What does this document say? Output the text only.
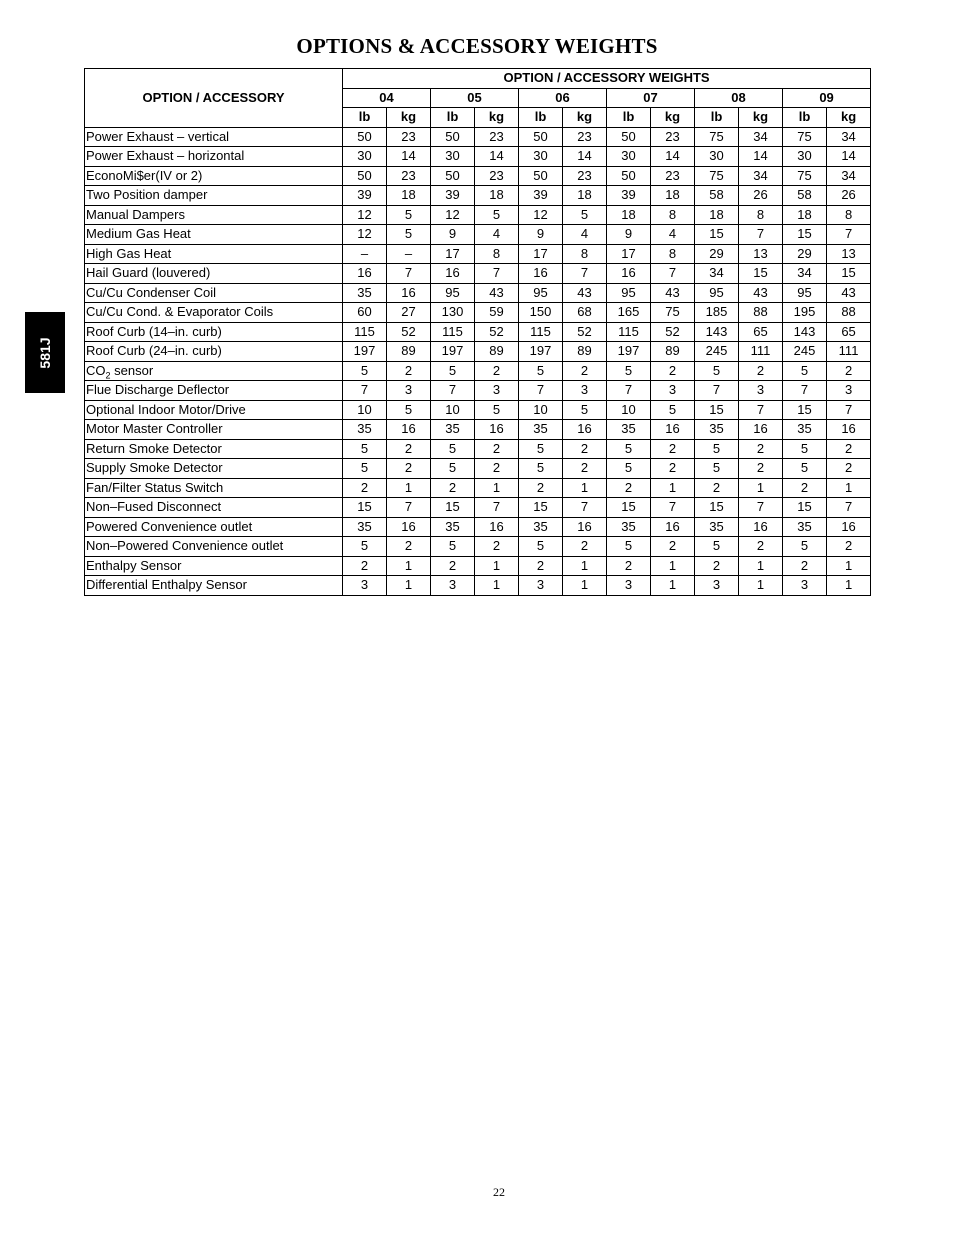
OPTIONS & ACCESSORY WEIGHTS
581J
OPTION / ACCESSORY	OPTION / ACCESSORY WEIGHTS											
	04		05		06		07		08		09	
	lb	kg	lb	kg	lb	kg	lb	kg	lb	kg	lb	kg
Power Exhaust – vertical	50	23	50	23	50	23	50	23	75	34	75	34
Power Exhaust – horizontal	30	14	30	14	30	14	30	14	30	14	30	14
EconoMi$er(IV or 2)	50	23	50	23	50	23	50	23	75	34	75	34
Two Position damper	39	18	39	18	39	18	39	18	58	26	58	26
Manual Dampers	12	5	12	5	12	5	18	8	18	8	18	8
Medium Gas Heat	12	5	9	4	9	4	9	4	15	7	15	7
High Gas Heat	–	–	17	8	17	8	17	8	29	13	29	13
Hail Guard (louvered)	16	7	16	7	16	7	16	7	34	15	34	15
Cu/Cu Condenser Coil	35	16	95	43	95	43	95	43	95	43	95	43
Cu/Cu Cond. & Evaporator Coils	60	27	130	59	150	68	165	75	185	88	195	88
Roof Curb (14–in. curb)	115	52	115	52	115	52	115	52	143	65	143	65
Roof Curb (24–in. curb)	197	89	197	89	197	89	197	89	245	111	245	111
$CO_2$ sensor	5	2	5	2	5	2	5	2	5	2	5	2
Flue Discharge Deflector	7	3	7	3	7	3	7	3	7	3	7	3
Optional Indoor Motor/Drive	10	5	10	5	10	5	10	5	15	7	15	7
Motor Master Controller	35	16	35	16	35	16	35	16	35	16	35	16
Return Smoke Detector	5	2	5	2	5	2	5	2	5	2	5	2
Supply Smoke Detector	5	2	5	2	5	2	5	2	5	2	5	2
Fan/Filter Status Switch	2	1	2	1	2	1	2	1	2	1	2	1
Non–Fused Disconnect	15	7	15	7	15	7	15	7	15	7	15	7
Powered Convenience outlet	35	16	35	16	35	16	35	16	35	16	35	16
Non–Powered Convenience outlet	5	2	5	2	5	2	5	2	5	2	5	2
Enthalpy Sensor	2	1	2	1	2	1	2	1	2	1	2	1
Differential Enthalpy Sensor	3	1	3	1	3	1	3	1	3	1	3	1
22
